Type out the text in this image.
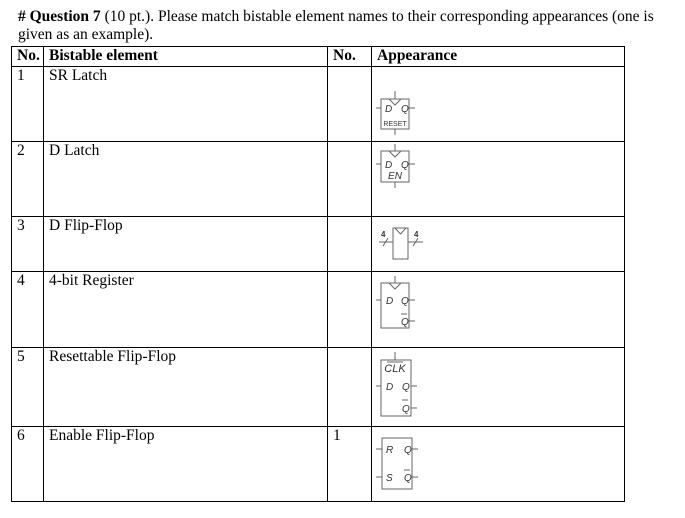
# Question 7 (10 pt.). Please match bistable element names to their corresponding appearances (one is given as an example).
No.	Bistable element	No.	Appearance
1	SR Latch		D Q
RESET

2	D Latch		D Q
EN

3	D Flip-Flop		4 4

4	4-bit Register		D Q
Q

5	Resettable Flip-Flop		CLK
D Q
Q

6	Enable Flip-Flop	1	R
S
Q
Q
